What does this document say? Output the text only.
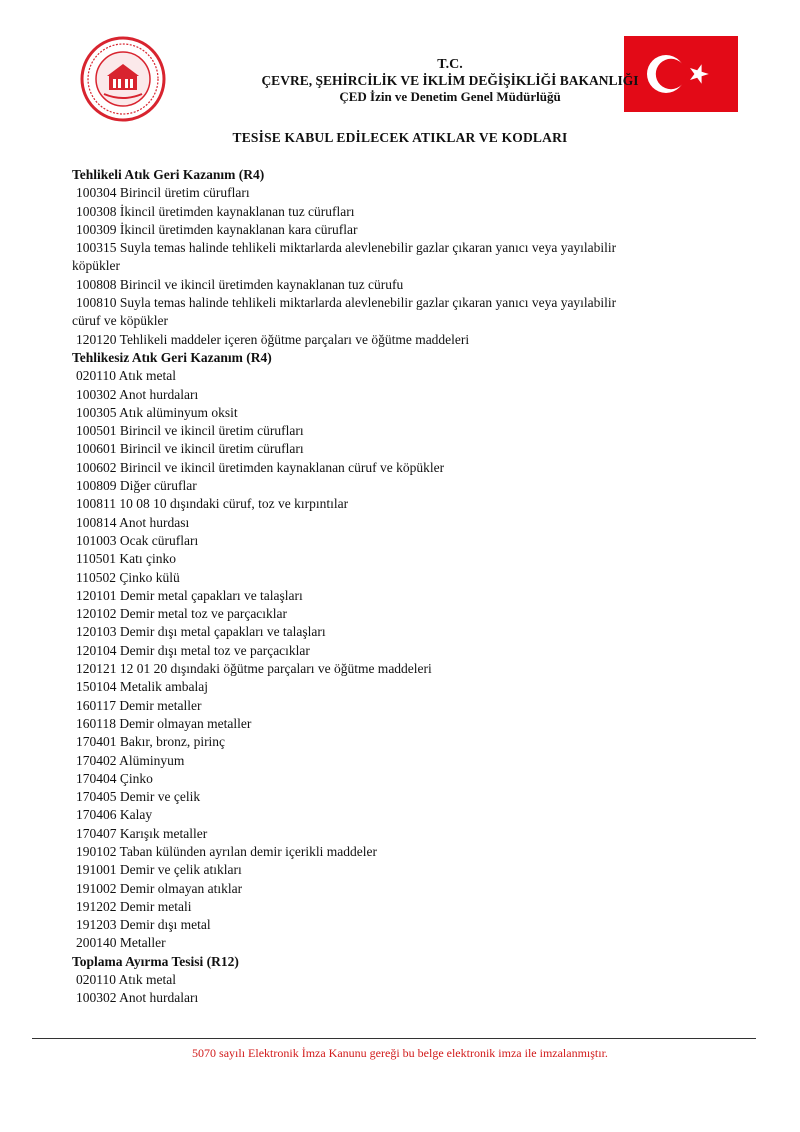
T.C.
ÇEVRE, ŞEHİRCİLİK VE İKLİM DEĞİŞİKLİĞİ BAKANLIĞI
ÇED İzin ve Denetim Genel Müdürlüğü
TESİSE KABUL EDİLECEK ATIKLAR VE KODLARI
Tehlikeli Atık Geri Kazanım (R4)
100304 Birincil üretim cürufları
100308 İkincil üretimden kaynaklanan tuz cürufları
100309 İkincil üretimden kaynaklanan kara cüruflar
100315 Suyla temas halinde tehlikeli miktarlarda alevlenebilir gazlar çıkaran yanıcı veya yayılabilir
köpükler
100808 Birincil ve ikincil üretimden kaynaklanan tuz cürufu
100810 Suyla temas halinde tehlikeli miktarlarda alevlenebilir gazlar çıkaran yanıcı veya yayılabilir
cüruf ve köpükler
120120 Tehlikeli maddeler içeren öğütme parçaları ve öğütme maddeleri
Tehlikesiz Atık Geri Kazanım (R4)
020110 Atık metal
100302 Anot hurdaları
100305 Atık alüminyum oksit
100501 Birincil ve ikincil üretim cürufları
100601 Birincil ve ikincil üretim cürufları
100602 Birincil ve ikincil üretimden kaynaklanan cüruf ve köpükler
100809 Diğer cüruflar
100811 10 08 10 dışındaki cüruf, toz ve kırpıntılar
100814 Anot hurdası
101003 Ocak cürufları
110501 Katı çinko
110502 Çinko külü
120101 Demir metal çapakları ve talaşları
120102 Demir metal toz ve parçacıklar
120103 Demir dışı metal çapakları ve talaşları
120104 Demir dışı metal toz ve parçacıklar
120121 12 01 20 dışındaki öğütme parçaları ve öğütme maddeleri
150104 Metalik ambalaj
160117 Demir metaller
160118 Demir olmayan metaller
170401 Bakır, bronz, pirinç
170402 Alüminyum
170404 Çinko
170405 Demir ve çelik
170406 Kalay
170407 Karışık metaller
190102 Taban külünden ayrılan demir içerikli maddeler
191001 Demir ve çelik atıkları
191002 Demir olmayan atıklar
191202 Demir metali
191203 Demir dışı metal
200140 Metaller
Toplama Ayırma Tesisi (R12)
020110 Atık metal
100302 Anot hurdaları
5070 sayılı Elektronik İmza Kanunu gereği bu belge elektronik imza ile imzalanmıştır.
